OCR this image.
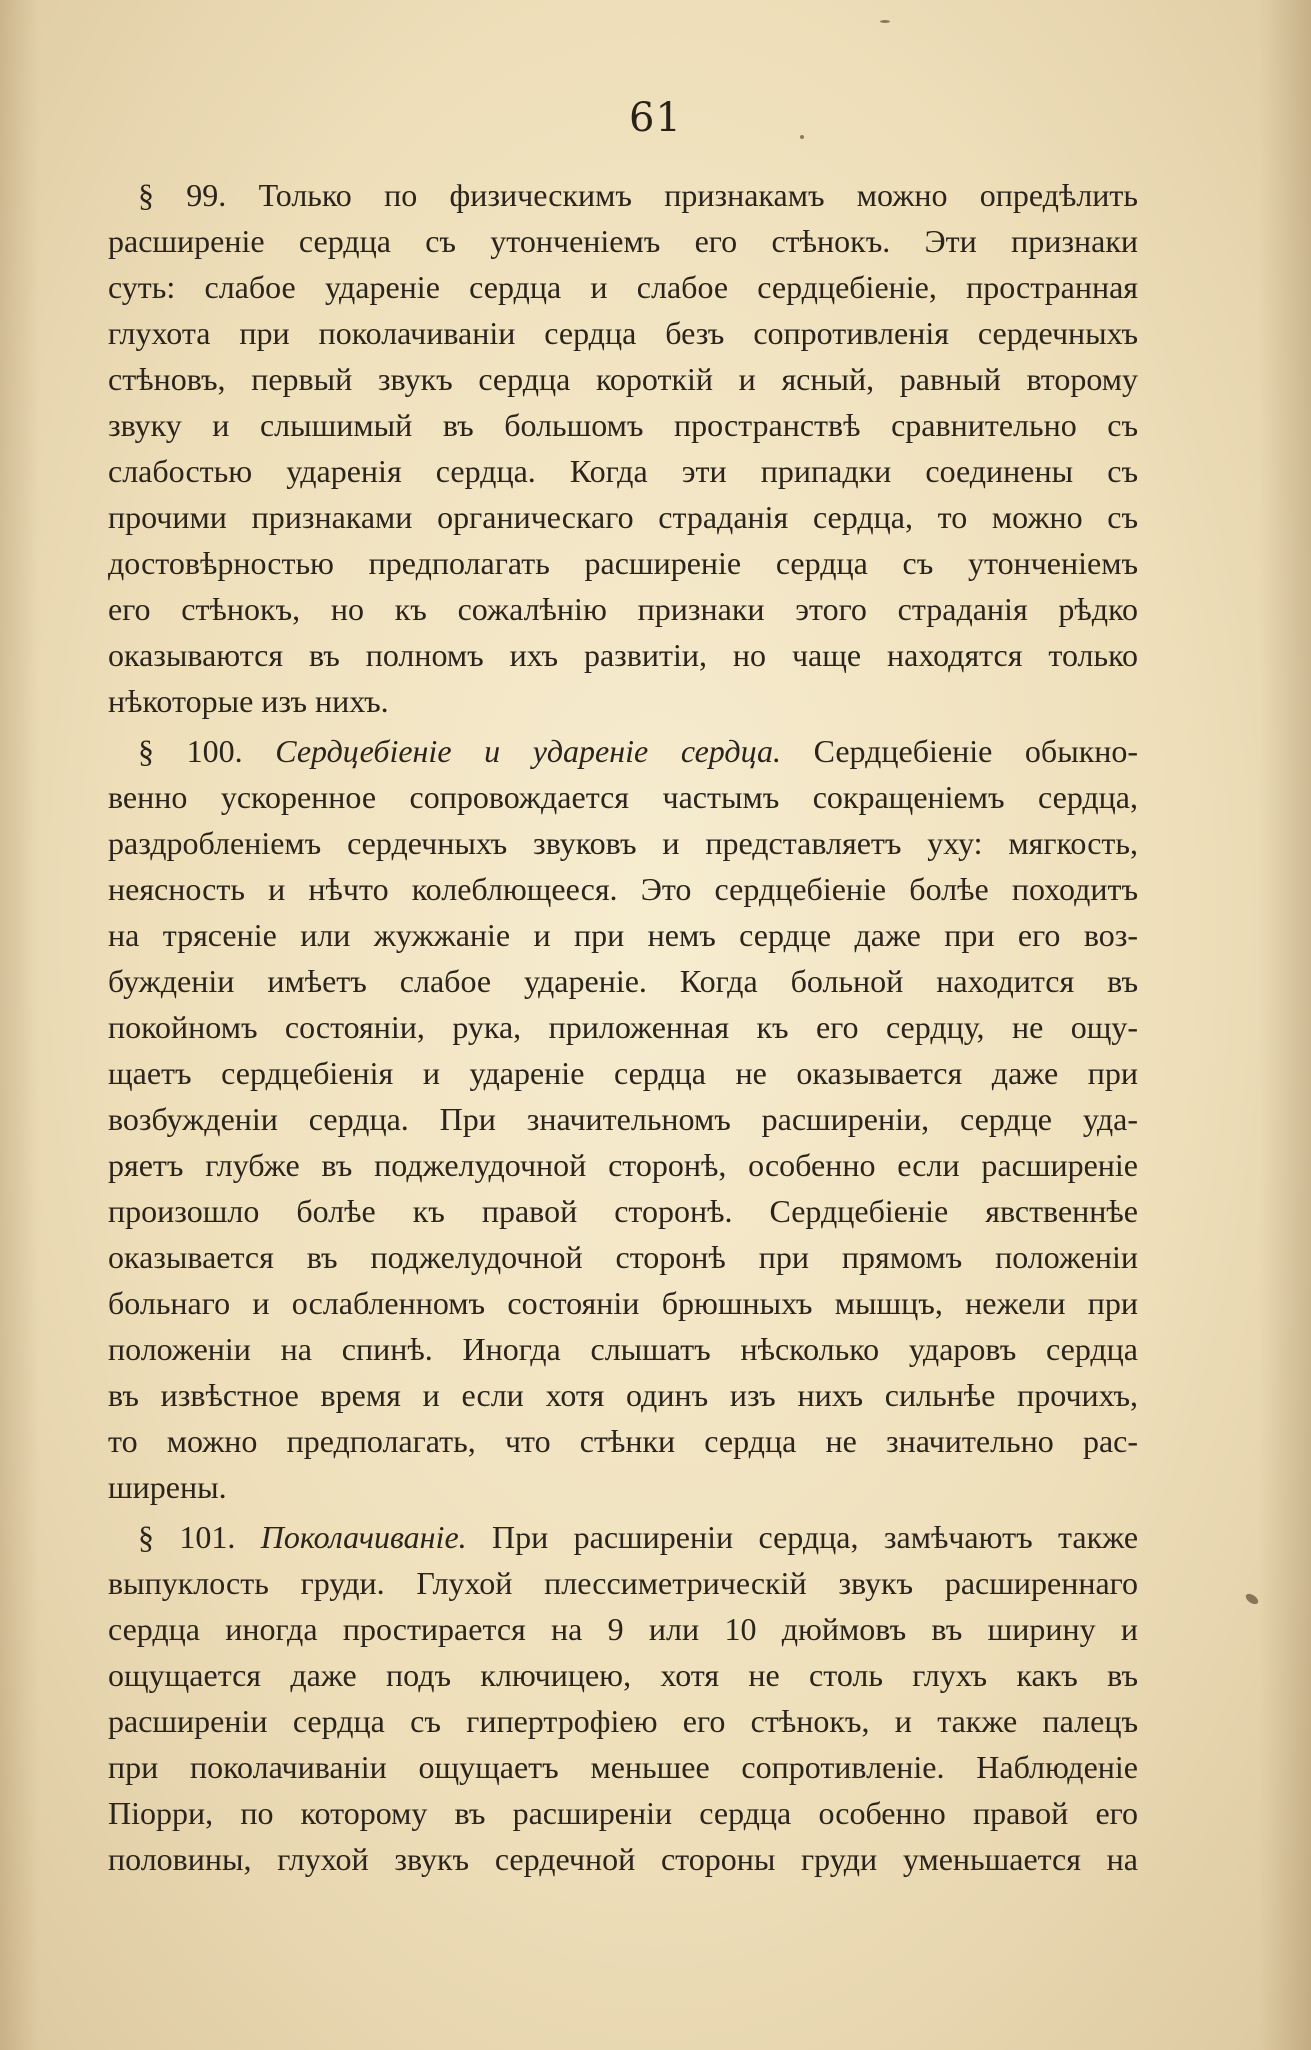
61
§ 99. Только по физическимъ признакамъ можно опредѣлить
расширеніе сердца съ утонченіемъ его стѣнокъ. Эти признаки
суть: слабое удареніе сердца и слабое сердцебіеніе, пространная
глухота при поколачиваніи сердца безъ сопротивленія сердечныхъ
стѣновъ, первый звукъ сердца короткій и ясный, равный второму
звуку и слышимый въ большомъ пространствѣ сравнительно съ
слабостью ударенія сердца. Когда эти припадки соединены съ
прочими признаками органическаго страданія сердца, то можно съ
достовѣрностью предполагать расширеніе сердца съ утонченіемъ
его стѣнокъ, но къ сожалѣнію признаки этого страданія рѣдко
оказываются въ полномъ ихъ развитіи, но чаще находятся только
нѣкоторые изъ нихъ.
§ 100. Сердцебіеніе и удареніе сердца. Сердцебіеніе обыкно-
венно ускоренное сопровождается частымъ сокращеніемъ сердца,
раздробленіемъ сердечныхъ звуковъ и представляетъ уху: мягкость,
неясность и нѣчто колеблющееся. Это сердцебіеніе болѣе походитъ
на трясеніе или жужжаніе и при немъ сердце даже при его воз-
бужденіи имѣетъ слабое удареніе. Когда больной находится въ
покойномъ состояніи, рука, приложенная къ его сердцу, не ощу-
щаетъ сердцебіенія и удареніе сердца не оказывается даже при
возбужденіи сердца. При значительномъ расширеніи, сердце уда-
ряетъ глубже въ поджелудочной сторонѣ, особенно если расширеніе
произошло болѣе къ правой сторонѣ. Сердцебіеніе явственнѣе
оказывается въ поджелудочной сторонѣ при прямомъ положеніи
больнаго и ослабленномъ состояніи брюшныхъ мышцъ, нежели при
положеніи на спинѣ. Иногда слышатъ нѣсколько ударовъ сердца
въ извѣстное время и если хотя одинъ изъ нихъ сильнѣе прочихъ,
то можно предполагать, что стѣнки сердца не значительно рас-
ширены.
§ 101. Поколачиваніе. При расширеніи сердца, замѣчаютъ также
выпуклость груди. Глухой плессиметрическій звукъ расширеннаго
сердца иногда простирается на 9 или 10 дюймовъ въ ширину и
ощущается даже подъ ключицею, хотя не столь глухъ какъ въ
расширеніи сердца съ гипертрофіею его стѣнокъ, и также палецъ
при поколачиваніи ощущаетъ меньшее сопротивленіе. Наблюденіе
Піорри, по которому въ расширеніи сердца особенно правой его
половины, глухой звукъ сердечной стороны груди уменьшается на
